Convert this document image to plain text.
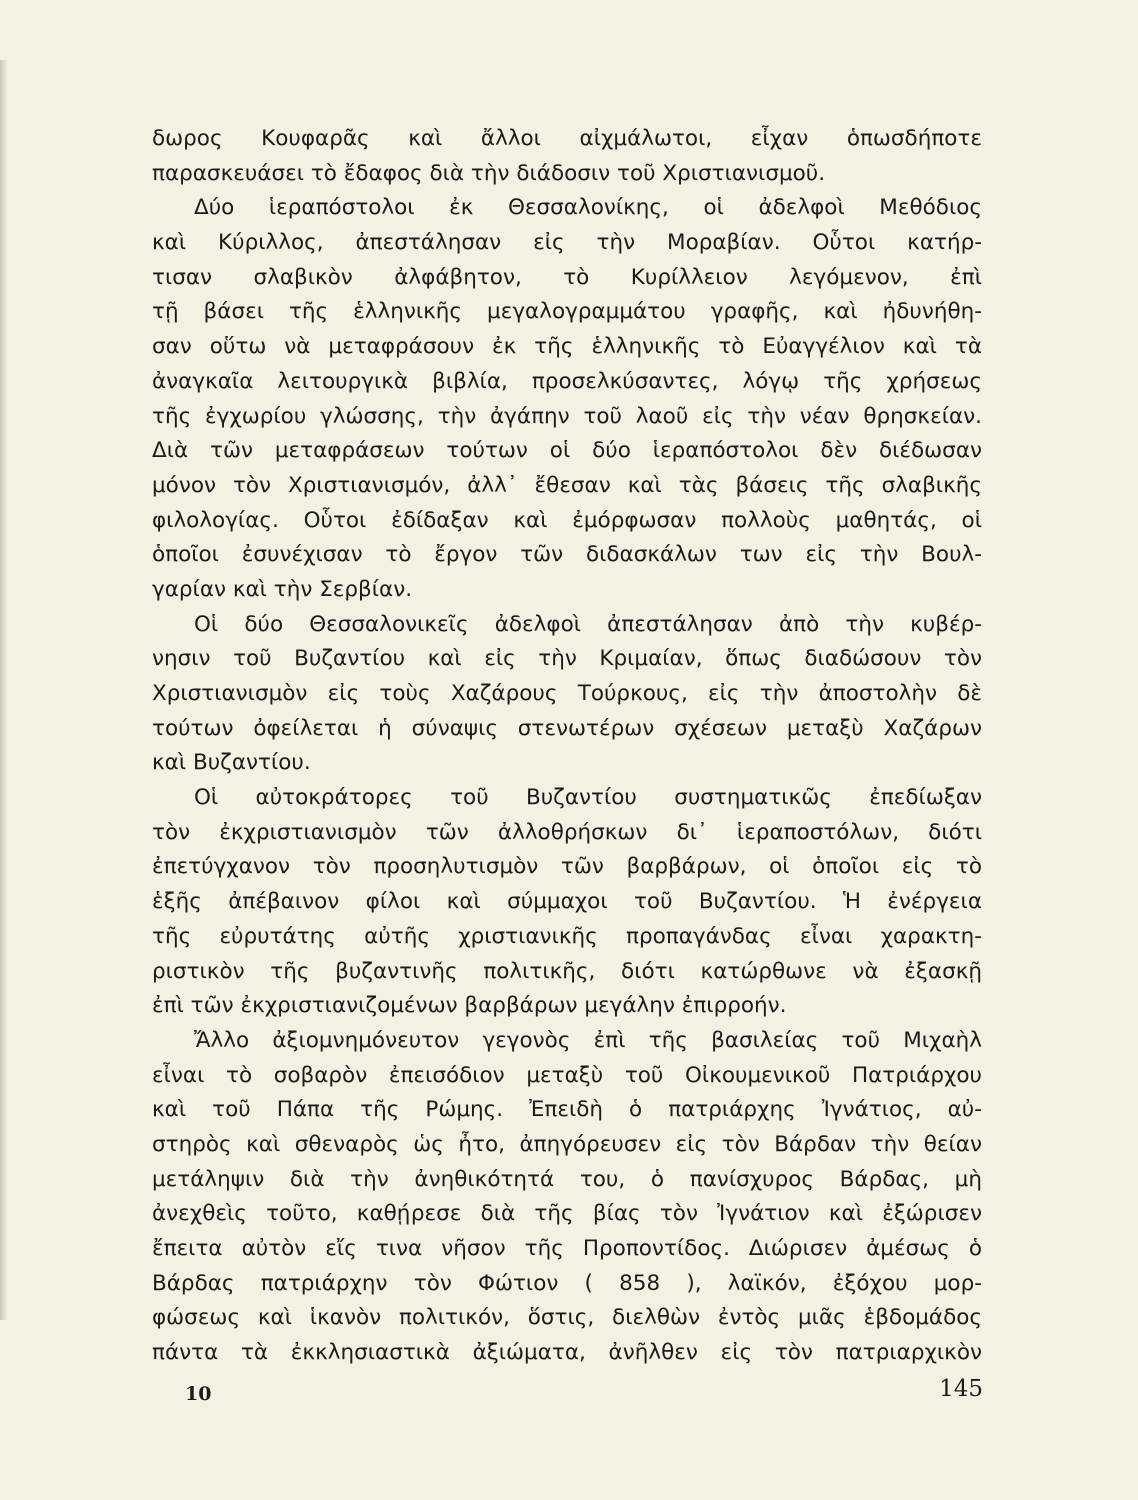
δωρος Κουφαρᾶς καὶ ἄλλοι αἰχμάλωτοι, εἶχαν ὁπωσδήποτε
παρασκευάσει τὸ ἔδαφος διὰ τὴν διάδοσιν τοῦ Χριστιανισμοῦ.
Δύο ἱεραπόστολοι ἐκ Θεσσαλονίκης, οἱ ἀδελφοὶ Μεθόδιος
καὶ Κύριλλος, ἀπεστάλησαν εἰς τὴν Μοραβίαν. Οὗτοι κατήρ-
τισαν σλαβικὸν ἀλφάβητον, τὸ Κυρίλλειον λεγόμενον, ἐπὶ
τῇ βάσει τῆς ἑλληνικῆς μεγαλογραμμάτου γραφῆς, καὶ ἠδυνήθη-
σαν οὕτω νὰ μεταφράσουν ἐκ τῆς ἑλληνικῆς τὸ Εὐαγγέλιον καὶ τὰ
ἀναγκαῖα λειτουργικὰ βιβλία, προσελκύσαντες, λόγῳ τῆς χρήσεως
τῆς ἐγχωρίου γλώσσης, τὴν ἀγάπην τοῦ λαοῦ εἰς τὴν νέαν θρησκείαν.
Διὰ τῶν μεταφράσεων τούτων οἱ δύο ἱεραπόστολοι δὲν διέδωσαν
μόνον τὸν Χριστιανισμόν, ἀλλ᾽ ἔθεσαν καὶ τὰς βάσεις τῆς σλαβικῆς
φιλολογίας. Οὗτοι ἐδίδαξαν καὶ ἐμόρφωσαν πολλοὺς μαθητάς, οἱ
ὁποῖοι ἐσυνέχισαν τὸ ἔργον τῶν διδασκάλων των εἰς τὴν Βουλ-
γαρίαν καὶ τὴν Σερβίαν.
Οἱ δύο Θεσσαλονικεῖς ἀδελφοὶ ἀπεστάλησαν ἀπὸ τὴν κυβέρ-
νησιν τοῦ Βυζαντίου καὶ εἰς τὴν Κριμαίαν, ὅπως διαδώσουν τὸν
Χριστιανισμὸν εἰς τοὺς Χαζάρους Τούρκους, εἰς τὴν ἀποστολὴν δὲ
τούτων ὀφείλεται ἡ σύναψις στενωτέρων σχέσεων μεταξὺ Χαζάρων
καὶ Βυζαντίου.
Οἱ αὐτοκράτορες τοῦ Βυζαντίου συστηματικῶς ἐπεδίωξαν
τὸν ἐκχριστιανισμὸν τῶν ἀλλοθρήσκων δι᾽ ἱεραποστόλων, διότι
ἐπετύγχανον τὸν προσηλυτισμὸν τῶν βαρβάρων, οἱ ὁποῖοι εἰς τὸ
ἑξῆς ἀπέβαινον φίλοι καὶ σύμμαχοι τοῦ Βυζαντίου. Ἡ ἐνέργεια
τῆς εὐρυτάτης αὐτῆς χριστιανικῆς προπαγάνδας εἶναι χαρακτη-
ριστικὸν τῆς βυζαντινῆς πολιτικῆς, διότι κατώρθωνε νὰ ἐξασκῇ
ἐπὶ τῶν ἐκχριστιανιζομένων βαρβάρων μεγάλην ἐπιρροήν.
Ἄλλο ἀξιομνημόνευτον γεγονὸς ἐπὶ τῆς βασιλείας τοῦ Μιχαὴλ
εἶναι τὸ σοβαρὸν ἐπεισόδιον μεταξὺ τοῦ Οἰκουμενικοῦ Πατριάρχου
καὶ τοῦ Πάπα τῆς Ρώμης. Ἐπειδὴ ὁ πατριάρχης Ἰγνάτιος, αὐ-
στηρὸς καὶ σθεναρὸς ὡς ἦτο, ἀπηγόρευσεν εἰς τὸν Βάρδαν τὴν θείαν
μετάληψιν διὰ τὴν ἀνηθικότητά του, ὁ πανίσχυρος Βάρδας, μὴ
ἀνεχθεὶς τοῦτο, καθῄρεσε διὰ τῆς βίας τὸν Ἰγνάτιον καὶ ἐξώρισεν
ἔπειτα αὐτὸν εἴς τινα νῆσον τῆς Προποντίδος. Διώρισεν ἀμέσως ὁ
Βάρδας πατριάρχην τὸν Φώτιον ( 858 ), λαϊκόν, ἐξόχου μορ-
φώσεως καὶ ἱκανὸν πολιτικόν, ὅστις, διελθὼν ἐντὸς μιᾶς ἑβδομάδος
πάντα τὰ ἐκκλησιαστικὰ ἀξιώματα, ἀνῆλθεν εἰς τὸν πατριαρχικὸν
10	145
